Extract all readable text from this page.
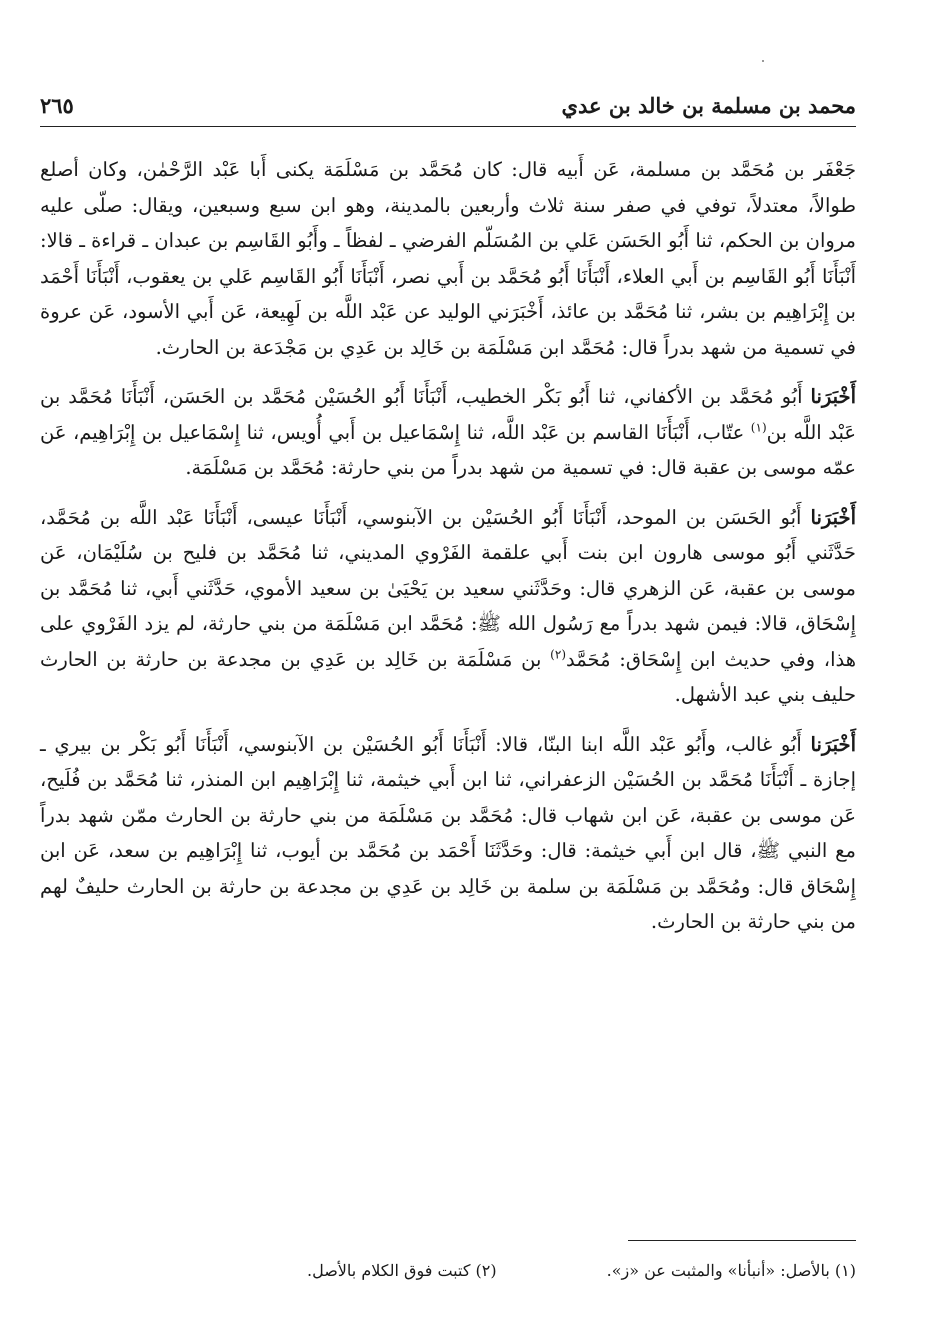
محمد بن مسلمة بن خالد بن عدي
٢٦٥

جَعْفَر بن مُحَمَّد بن مسلمة، عَن أَبيه قال: كان مُحَمَّد بن مَسْلَمَة يكنى أَبا عَبْد الرَّحْمٰن، وكان أصلع طوالاً، معتدلاً، توفي في صفر سنة ثلاث وأربعين بالمدينة، وهو ابن سبع وسبعين، ويقال: صلّى عليه مروان بن الحكم، ثنا أَبُو الحَسَن عَلي بن المُسَلّم الفرضي ـ لفظاً ـ وأَبُو القَاسِم بن عبدان ـ قراءة ـ قالا: أَنْبَأَنَا أَبُو القَاسِم بن أَبي العلاء، أَنْبَأَنَا أَبُو مُحَمَّد بن أَبي نصر، أَنْبَأَنَا أَبُو القَاسِم عَلي بن يعقوب، أَنْبَأَنَا أَحْمَد بن إِبْرَاهِيم بن بشر، ثنا مُحَمَّد بن عائذ، أَخْبَرَني الوليد عن عَبْد اللَّه بن لَهِيعة، عَن أَبي الأسود، عَن عروة في تسمية من شهد بدراً قال: مُحَمَّد ابن مَسْلَمَة بن خَالِد بن عَدِي بن مَجْدَعة بن الحارث.

أَخْبَرَنا أَبُو مُحَمَّد بن الأكفاني، ثنا أَبُو بَكْر الخطيب، أَنْبَأَنَا أَبُو الحُسَيْن مُحَمَّد بن الحَسَن، أَنْبَأَنَا مُحَمَّد بن عَبْد اللَّه بن$^{(١)}$ عتّاب، أَنْبَأَنَا القاسم بن عَبْد اللَّه، ثنا إِسْمَاعيل بن أَبي أُويس، ثنا إِسْمَاعيل بن إِبْرَاهِيم، عَن عمّه موسى بن عقبة قال: في تسمية من شهد بدراً من بني حارثة: مُحَمَّد بن مَسْلَمَة.

أَخْبَرَنا أَبُو الحَسَن بن الموحد، أَنْبَأَنَا أَبُو الحُسَيْن بن الآبنوسي، أَنْبَأَنَا عيسى، أَنْبَأَنَا عَبْد اللَّه بن مُحَمَّد، حَدَّثَني أَبُو موسى هارون ابن بنت أَبي علقمة الفَرْوي المديني، ثنا مُحَمَّد بن فليح بن سُلَيْمَان، عَن موسى بن عقبة، عَن الزهري قال: وحَدَّثَني سعيد بن يَحْيَىٰ بن سعيد الأموي، حَدَّثَني أَبي، ثنا مُحَمَّد بن إِسْحَاق، قالا: فيمن شهد بدراً مع رَسُول الله ﷺ: مُحَمَّد ابن مَسْلَمَة من بني حارثة، لم يزد الفَرْوي على هذا، وفي حديث ابن إِسْحَاق: مُحَمَّد$^{(٢)}$ بن مَسْلَمَة بن خَالِد بن عَدِي بن مجدعة بن حارثة بن الحارث حليف بني عبد الأشهل.

أَخْبَرَنا أَبُو غالب، وأَبُو عَبْد اللَّه ابنا البنّا، قالا: أَنْبَأَنَا أَبُو الحُسَيْن بن الآبنوسي، أَنْبَأَنَا أَبُو بَكْر بن بيري ـ إجازة ـ أَنْبَأَنَا مُحَمَّد بن الحُسَيْن الزعفراني، ثنا ابن أَبي خيثمة، ثنا إِبْرَاهِيم ابن المنذر، ثنا مُحَمَّد بن فُلَيح، عَن موسى بن عقبة، عَن ابن شهاب قال: مُحَمَّد بن مَسْلَمَة من بني حارثة بن الحارث ممّن شهد بدراً مع النبي ﷺ، قال ابن أَبي خيثمة: قال: وحَدَّثَنَا أَحْمَد بن مُحَمَّد بن أيوب، ثنا إِبْرَاهِيم بن سعد، عَن ابن إِسْحَاق قال: ومُحَمَّد بن مَسْلَمَة بن سلمة بن خَالِد بن عَدِي بن مجدعة بن حارثة بن الحارث حليفٌ لهم من بني حارثة بن الحارث.

(١) بالأصل: «أنبأنا» والمثبت عن «ز».
(٢) كتبت فوق الكلام بالأصل.
